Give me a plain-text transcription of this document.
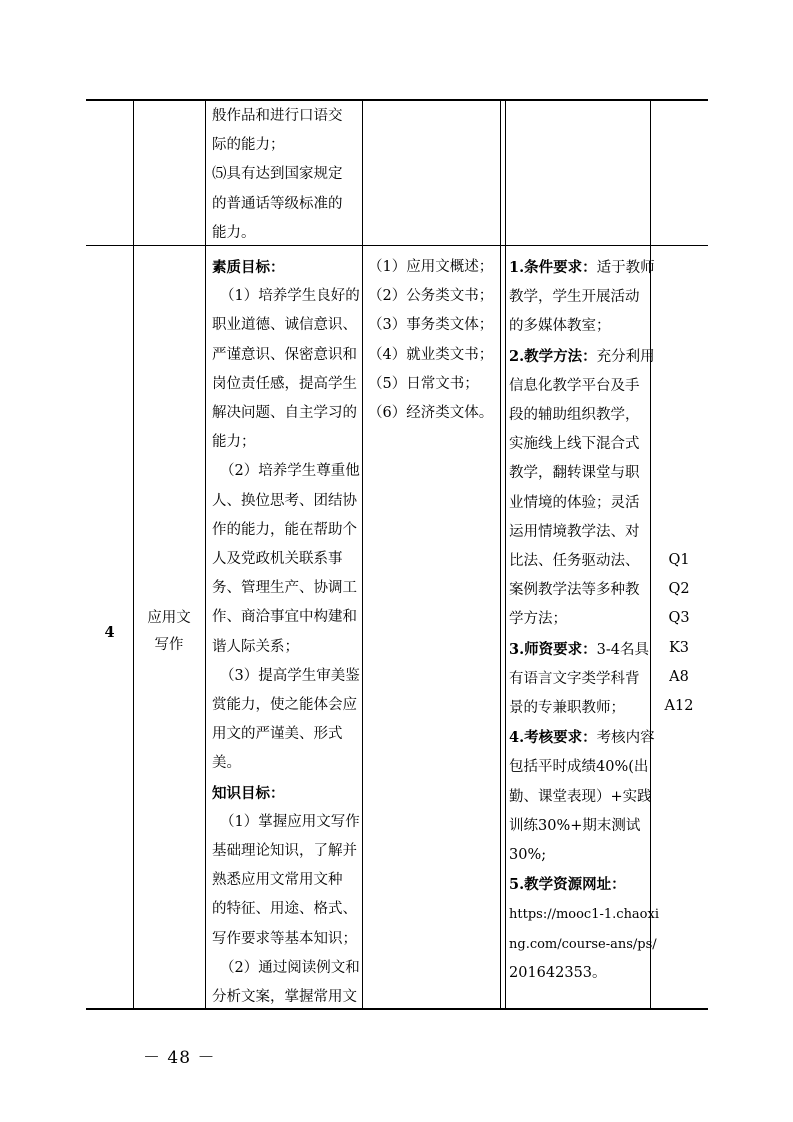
般作品和进行口语交

际的能力；

⑸具有达到国家规定

的普通话等级标准的

能力。

4
应用文
写作

素质目标：

（1）培养学生良好的

职业道德、诚信意识、

严谨意识、保密意识和

岗位责任感，提高学生

解决问题、自主学习的

能力；

（2）培养学生尊重他

人、换位思考、团结协

作的能力，能在帮助个

人及党政机关联系事

务、管理生产、协调工

作、商洽事宜中构建和

谐人际关系；

（3）提高学生审美鉴

赏能力，使之能体会应

用文的严谨美、形式

美。

知识目标：

（1）掌握应用文写作

基础理论知识，了解并

熟悉应用文常用文种

的特征、用途、格式、

写作要求等基本知识；

（2）通过阅读例文和

分析文案，掌握常用文

（1）应用文概述；

（2）公务类文书；

（3）事务类文体；

（4）就业类文书；

（5）日常文书；

（6）经济类文体。

1.条件要求：适于教师

教学，学生开展活动

的多媒体教室；

2.教学方法：充分利用

信息化教学平台及手

段的辅助组织教学，

实施线上线下混合式

教学，翻转课堂与职

业情境的体验；灵活

运用情境教学法、对

比法、任务驱动法、

案例教学法等多种教

学方法；

3.师资要求：3-4名具

有语言文字类学科背

景的专兼职教师；

4.考核要求：考核内容

包括平时成绩40%(出

勤、课堂表现）+实践

训练30%+期末测试

30%;

5.教学资源网址：

https://mooc1-1.chaoxi

ng.com/course-ans/ps/

201642353。

Q1
Q2
Q3
K3
A8
A12
－ 48 －
